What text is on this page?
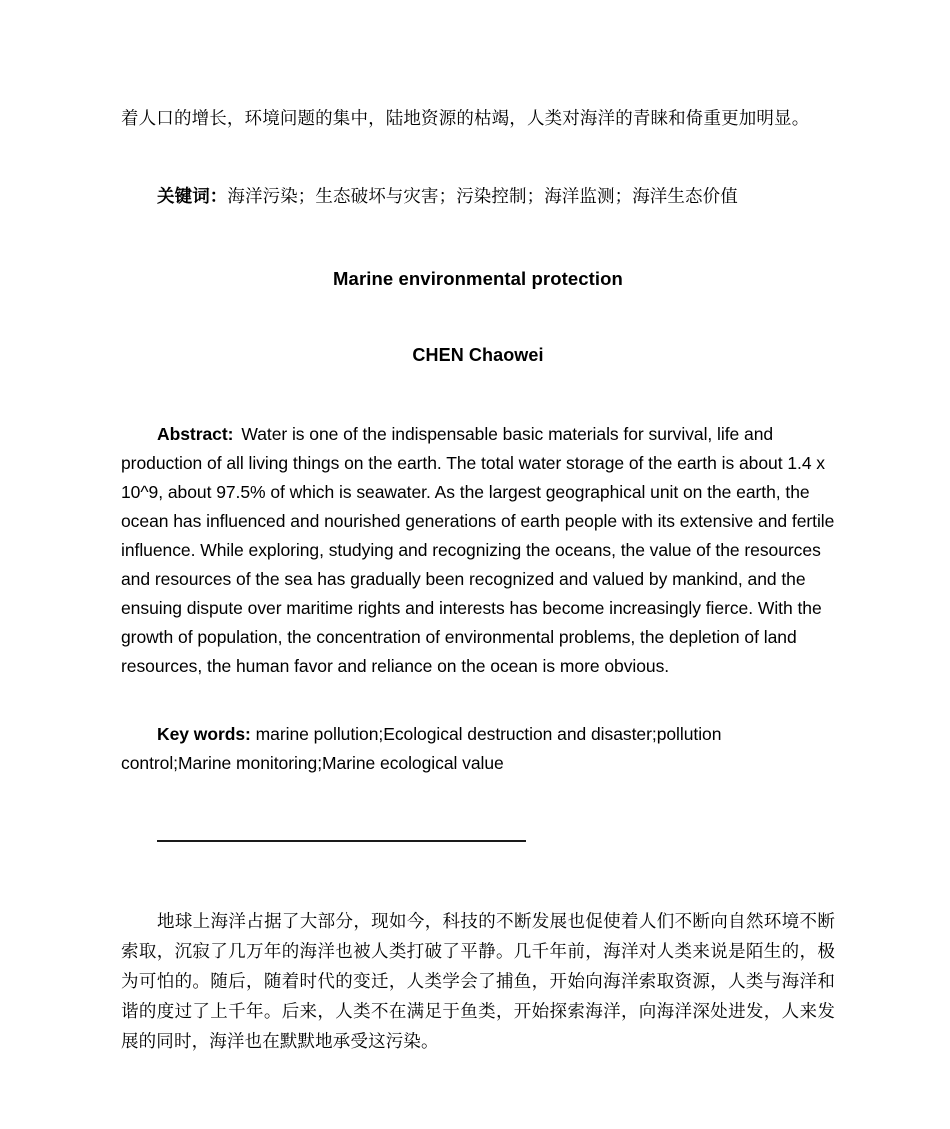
着人口的增长，环境问题的集中，陆地资源的枯竭，人类对海洋的青睐和倚重更加明显。

关键词：海洋污染；生态破坏与灾害；污染控制；海洋监测；海洋生态价值

Marine environmental protection
CHEN Chaowei

Abstract: Water is one of the indispensable basic materials for survival, life and production of all living things on the earth. The total water storage of the earth is about 1.4 x 10^9, about 97.5% of which is seawater. As the largest geographical unit on the earth, the ocean has influenced and nourished generations of earth people with its extensive and fertile influence. While exploring, studying and recognizing the oceans, the value of the resources and resources of the sea has gradually been recognized and valued by mankind, and the ensuing dispute over maritime rights and interests has become increasingly fierce. With the growth of population, the concentration of environmental problems, the depletion of land resources, the human favor and reliance on the ocean is more obvious.

Key words: marine pollution;Ecological destruction and disaster;pollution control;Marine monitoring;Marine ecological value

地球上海洋占据了大部分，现如今，科技的不断发展也促使着人们不断向自然环境不断索取，沉寂了几万年的海洋也被人类打破了平静。几千年前，海洋对人类来说是陌生的，极为可怕的。随后，随着时代的变迁，人类学会了捕鱼，开始向海洋索取资源，人类与海洋和谐的度过了上千年。后来，人类不在满足于鱼类，开始探索海洋，向海洋深处进发，人来发展的同时，海洋也在默默地承受这污染。
